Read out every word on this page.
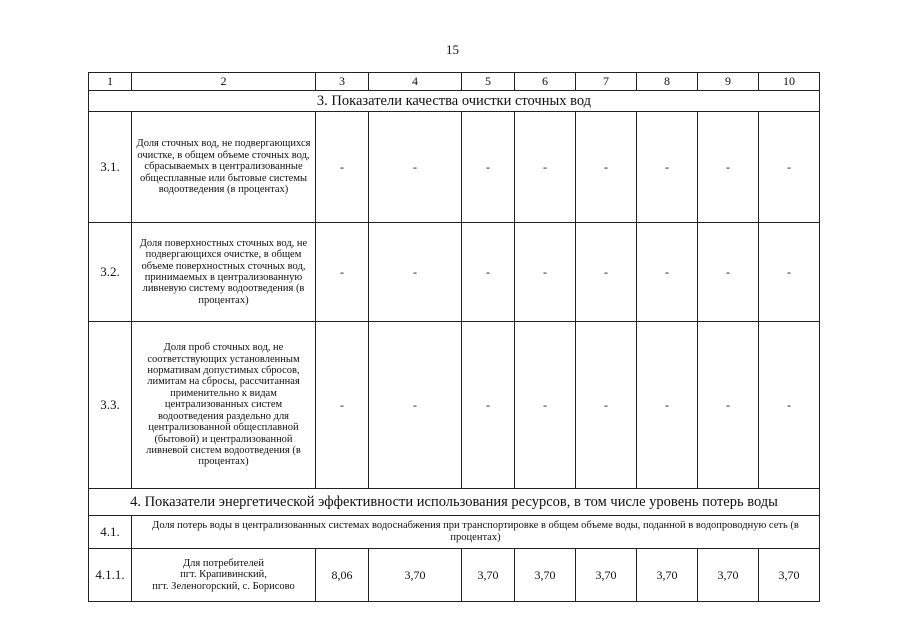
15
1	2	3	4	5	6	7	8	9	10
3. Показатели качества очистки сточных вод									
3.1.	Доля сточных вод, не подвергающихся очистке, в общем объеме сточных вод, сбрасываемых в централизованные общесплавные или бытовые системы водоотведения (в процентах)	-	-	-	-	-	-	-	-
3.2.	Доля поверхностных сточных вод, не подвергающихся очистке, в общем объеме поверхностных сточных вод, принимаемых в централизованную ливневую систему водоотведения (в процентах)	-	-	-	-	-	-	-	-
3.3.	Доля проб сточных вод, не соответствующих установленным нормативам допустимых сбросов, лимитам на сбросы, рассчитанная применительно к видам централизованных систем водоотведения раздельно для централизованной общесплавной (бытовой) и централизованной ливневой систем водоотведения (в процентах)	-	-	-	-	-	-	-	-
4. Показатели энергетической эффективности использования ресурсов, в том числе уровень потерь воды									
4.1.	Доля потерь воды в централизованных системах водоснабжения при транспортировке в общем объеме воды, поданной в водопроводную сеть (в процентах)								
4.1.1.	Для потребителей
пгт. Крапивинский,
пгт. Зеленогорский, с. Борисово	8,06	3,70	3,70	3,70	3,70	3,70	3,70	3,70
